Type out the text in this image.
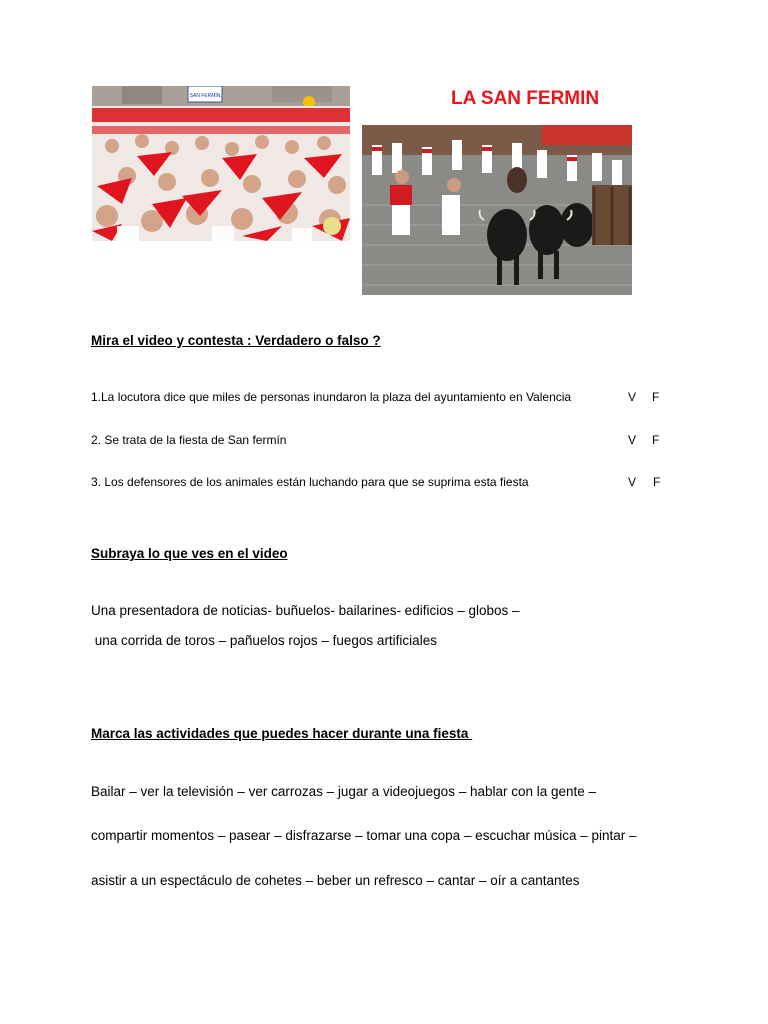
LA SAN FERMIN
SAN FERMIN
Mira el video y contesta : Verdadero o falso ?
1.La locutora dice que miles de personas inundaron la plaza del ayuntamiento en Valencia	V F
2. Se trata de la fiesta de San fermín	V F
3. Los defensores de los animales están luchando para que se suprima esta fiesta	V F
Subraya lo que ves en el video
Una presentadora de noticias- buñuelos- bailarines- edificios – globos –
una corrida de toros – pañuelos rojos – fuegos artificiales
Marca las actividades que puedes hacer durante una fiesta
Bailar – ver la televisión – ver carrozas – jugar a videojuegos – hablar con la gente –
compartir momentos – pasear – disfrazarse – tomar una copa – escuchar música – pintar –
asistir a un espectáculo de cohetes – beber un refresco – cantar – oír a cantantes
